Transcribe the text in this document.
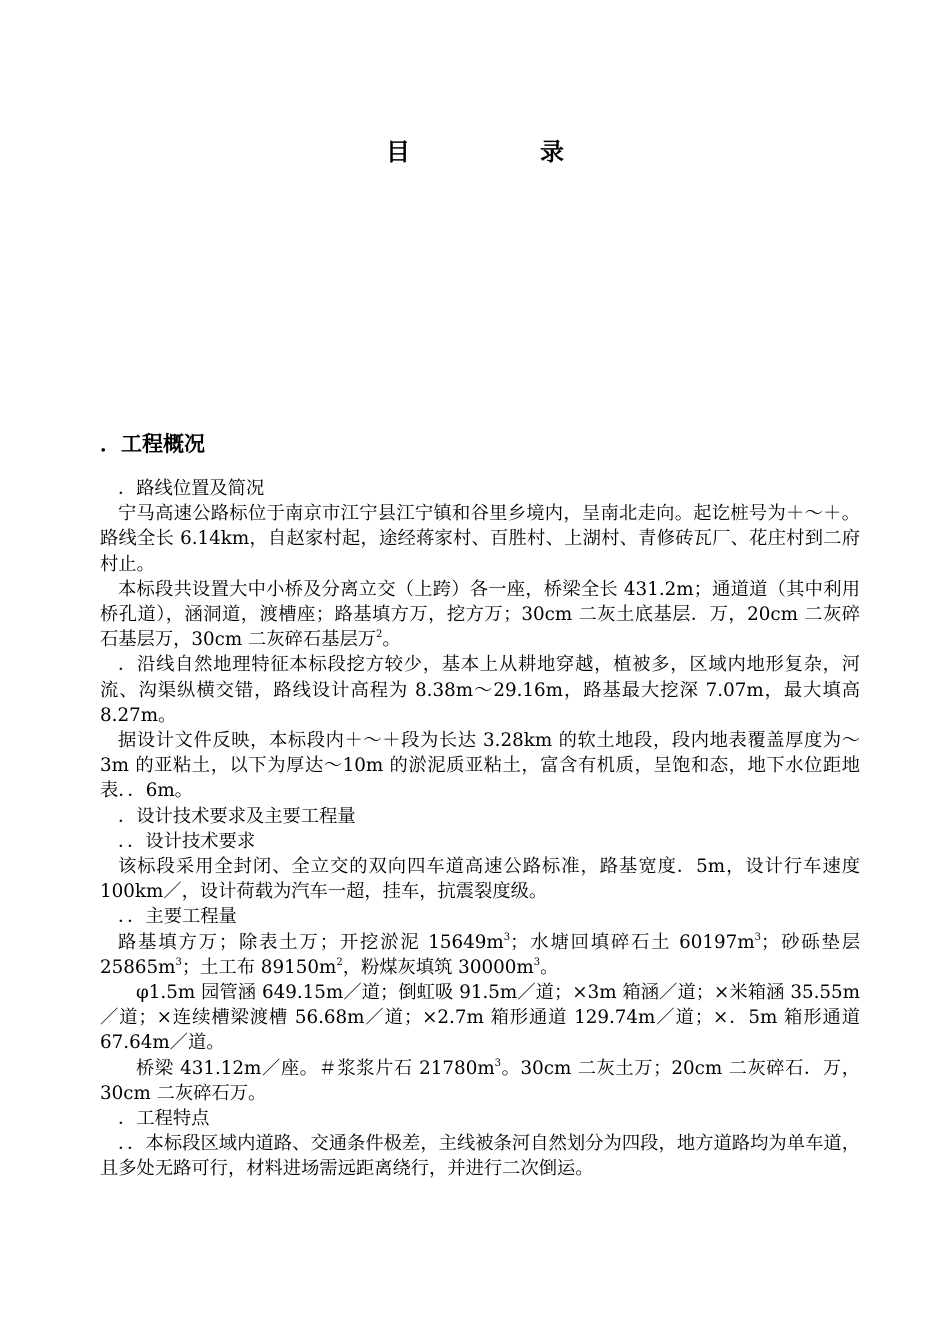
目	录
．工程概况

．路线位置及简况

宁马高速公路标位于南京市江宁县江宁镇和谷里乡境内，呈南北走向。起讫桩号为＋～＋。路线全长 6.14km，自赵家村起，途经蒋家村、百胜村、上湖村、青修砖瓦厂、花庄村到二府村止。

本标段共设置大中小桥及分离立交（上跨）各一座，桥梁全长 431.2m；通道道（其中利用桥孔道），涵洞道，渡槽座；路基填方万，挖方万；30cm 二灰土底基层．万，20cm 二灰碎石基层万，30cm 二灰碎石基层万$^2$。

．沿线自然地理特征本标段挖方较少，基本上从耕地穿越，植被多，区域内地形复杂，河流、沟渠纵横交错，路线设计高程为 8.38m～29.16m，路基最大挖深 7.07m，最大填高 8.27m。

据设计文件反映，本标段内＋～＋段为长达 3.28km 的软土地段，段内地表覆盖厚度为～3m 的亚粘土，以下为厚达～10m 的淤泥质亚粘土，富含有机质，呈饱和态，地下水位距地表．．6m。

．设计技术要求及主要工程量

．．设计技术要求

该标段采用全封闭、全立交的双向四车道高速公路标准，路基宽度．5m，设计行车速度 100km／，设计荷载为汽车一超，挂车，抗震裂度级。

．．主要工程量

路基填方万；除表土万；开挖淤泥 $15649m^3$；水塘回填碎石土 $60197m^3$；砂砾垫层 $25865m^3$；土工布 $89150m^2$，粉煤灰填筑 $30000m^3$。

φ1.5m 园管涵 649.15m／道；倒虹吸 91.5m／道；×3m 箱涵／道；×米箱涵 35.55m／道；×连续槽梁渡槽 56.68m／道；×2.7m 箱形通道 129.74m／道；×．5m 箱形通道 67.64m／道。

桥梁 431.12m／座。＃浆浆片石 $21780m^3$。30cm 二灰土万；20cm 二灰碎石．万，30cm 二灰碎石万。

．工程特点

．．本标段区域内道路、交通条件极差，主线被条河自然划分为四段，地方道路均为单车道，且多处无路可行，材料进场需远距离绕行，并进行二次倒运。
